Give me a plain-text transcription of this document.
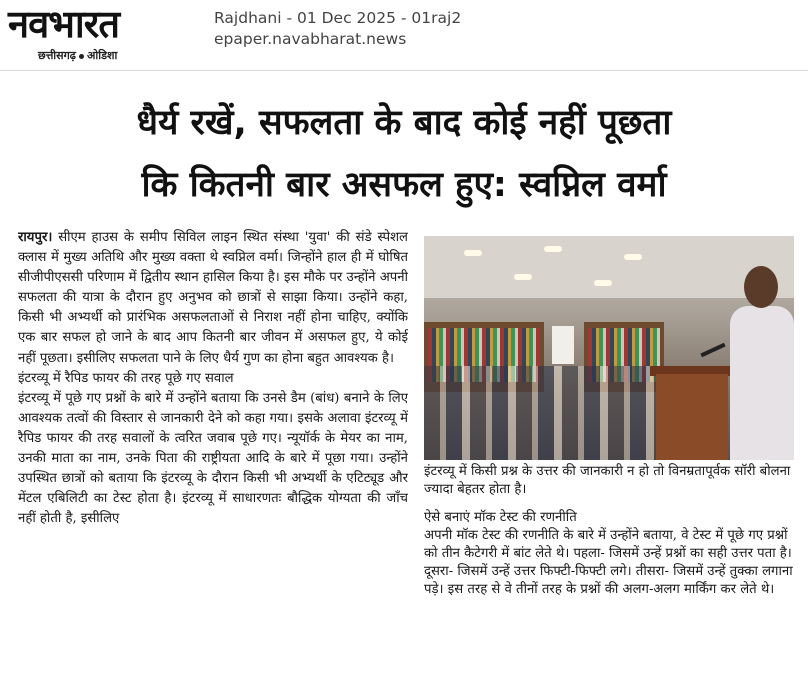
नवभारत
छत्तीसगढ़ ओडिशा
Rajdhani - 01 Dec 2025 - 01raj2
epaper.navabharat.news
धैर्य रखें, सफलता के बाद कोई नहीं पूछता
कि कितनी बार असफल हुए: स्वप्निल वर्मा

रायपुर। सीएम हाउस के समीप सिविल लाइन स्थित संस्था 'युवा' की संडे स्पेशल क्लास में मुख्य अतिथि और मुख्य वक्ता थे स्वप्निल वर्मा। जिन्होंने हाल ही में घोषित सीजीपीएससी परिणाम में द्वितीय स्थान हासिल किया है। इस मौके पर उन्होंने अपनी सफलता की यात्रा के दौरान हुए अनुभव को छात्रों से साझा किया। उन्होंने कहा, किसी भी अभ्यर्थी को प्रारंभिक असफलताओं से निराश नहीं होना चाहिए, क्योंकि एक बार सफल हो जाने के बाद आप कितनी बार जीवन में असफल हुए, ये कोई नहीं पूछता। इसीलिए सफलता पाने के लिए धैर्य गुण का होना बहुत आवश्यक है।

इंटरव्यू में रैपिड फायर की तरह पूछे गए सवाल

इंटरव्यू में पूछे गए प्रश्नों के बारे में उन्होंने बताया कि उनसे डैम (बांध) बनाने के लिए आवश्यक तत्वों की विस्तार से जानकारी देने को कहा गया। इसके अलावा इंटरव्यू में रैपिड फायर की तरह सवालों के त्वरित जवाब पूछे गए। न्यूयॉर्क के मेयर का नाम, उनकी माता का नाम, उनके पिता की राष्ट्रीयता आदि के बारे में पूछा गया। उन्होंने उपस्थित छात्रों को बताया कि इंटरव्यू के दौरान किसी भी अभ्यर्थी के एटिट्यूड और मेंटल एबिलिटी का टेस्ट होता है। इंटरव्यू में साधारणतः बौद्धिक योग्यता की जाँच नहीं होती है, इसीलिए

इंटरव्यू में किसी प्रश्न के उत्तर की जानकारी न हो तो विनम्रतापूर्वक सॉरी बोलना ज्यादा बेहतर होता है।

ऐसे बनाएं मॉक टेस्ट की रणनीति

अपनी मॉक टेस्ट की रणनीति के बारे में उन्होंने बताया, वे टेस्ट में पूछे गए प्रश्नों को तीन कैटेगरी में बांट लेते थे। पहला- जिसमें उन्हें प्रश्नों का सही उत्तर पता है। दूसरा- जिसमें उन्हें उत्तर फिफ्टी-फिफ्टी लगे। तीसरा- जिसमें उन्हें तुक्का लगाना पड़े। इस तरह से वे तीनों तरह के प्रश्नों की अलग-अलग मार्किंग कर लेते थे।
